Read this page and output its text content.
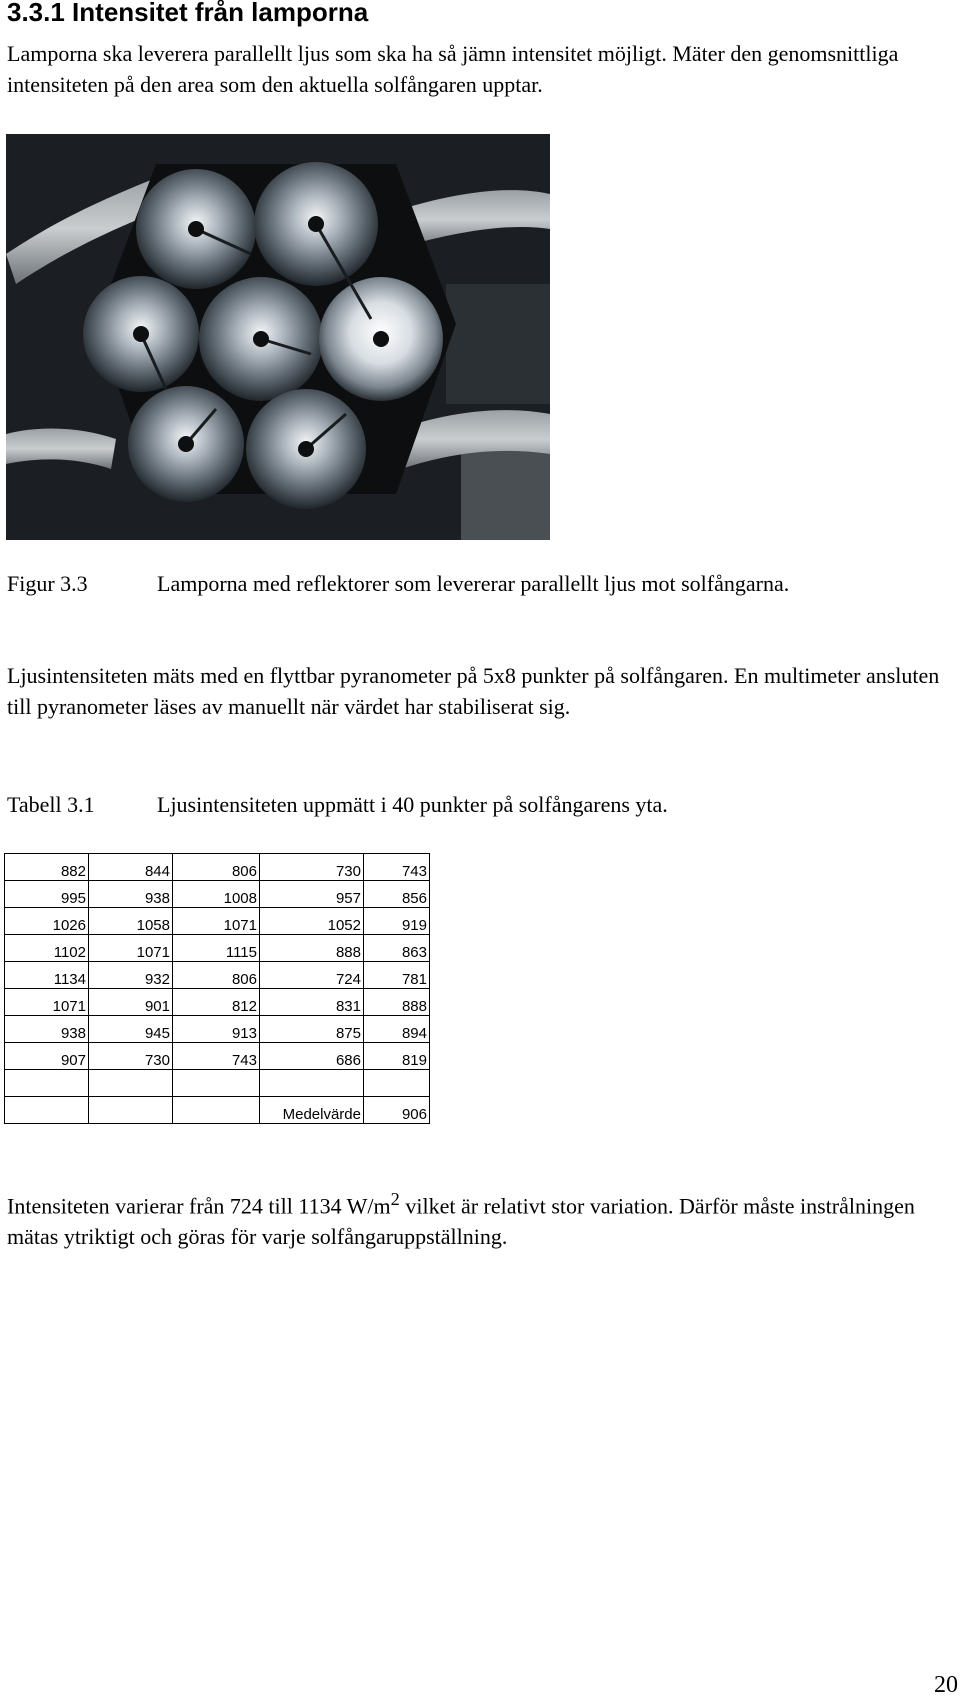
3.3.1 Intensitet från lamporna

Lamporna ska leverera parallellt ljus som ska ha så jämn intensitet möjligt. Mäter den genomsnittliga intensiteten på den area som den aktuella solfångaren upptar.

Figur 3.3	Lamporna med reflektorer som levererar parallellt ljus mot solfångarna.

Ljusintensiteten mäts med en flyttbar pyranometer på 5x8 punkter på solfångaren. En multimeter ansluten till pyranometer läses av manuellt när värdet har stabiliserat sig.

Tabell 3.1	Ljusintensiteten uppmätt i 40 punkter på solfångarens yta.
882	844	806	730	743
995	938	1008	957	856
1026	1058	1071	1052	919
1102	1071	1115	888	863
1134	932	806	724	781
1071	901	812	831	888
938	945	913	875	894
907	730	743	686	819

			Medelvärde	906

Intensiteten varierar från 724 till 1134 $W/m^2$ vilket är relativt stor variation. Därför måste instrålningen mätas ytriktigt och göras för varje solfångaruppställning.

20
